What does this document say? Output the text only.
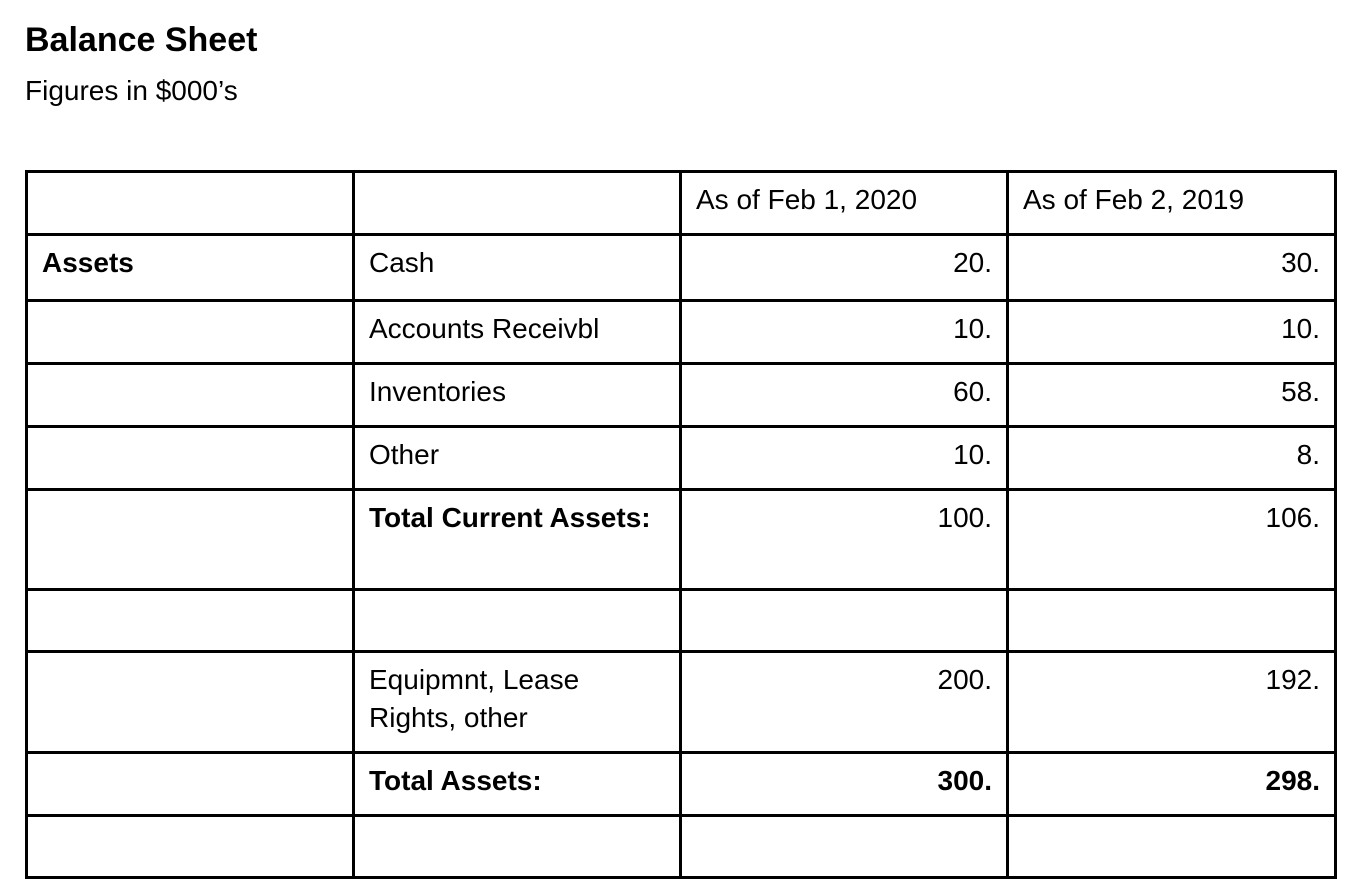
Balance Sheet

Figures in $000’s

		As of Feb 1, 2020	As of Feb 2, 2019
Assets	Cash	20.	30.
	Accounts Receivbl	10.	10.
	Inventories	60.	58.
	Other	10.	8.
	Total Current Assets:	100.	106.

	Equipmnt, Lease Rights, other	200.	192.
	Total Assets:	300.	298.
